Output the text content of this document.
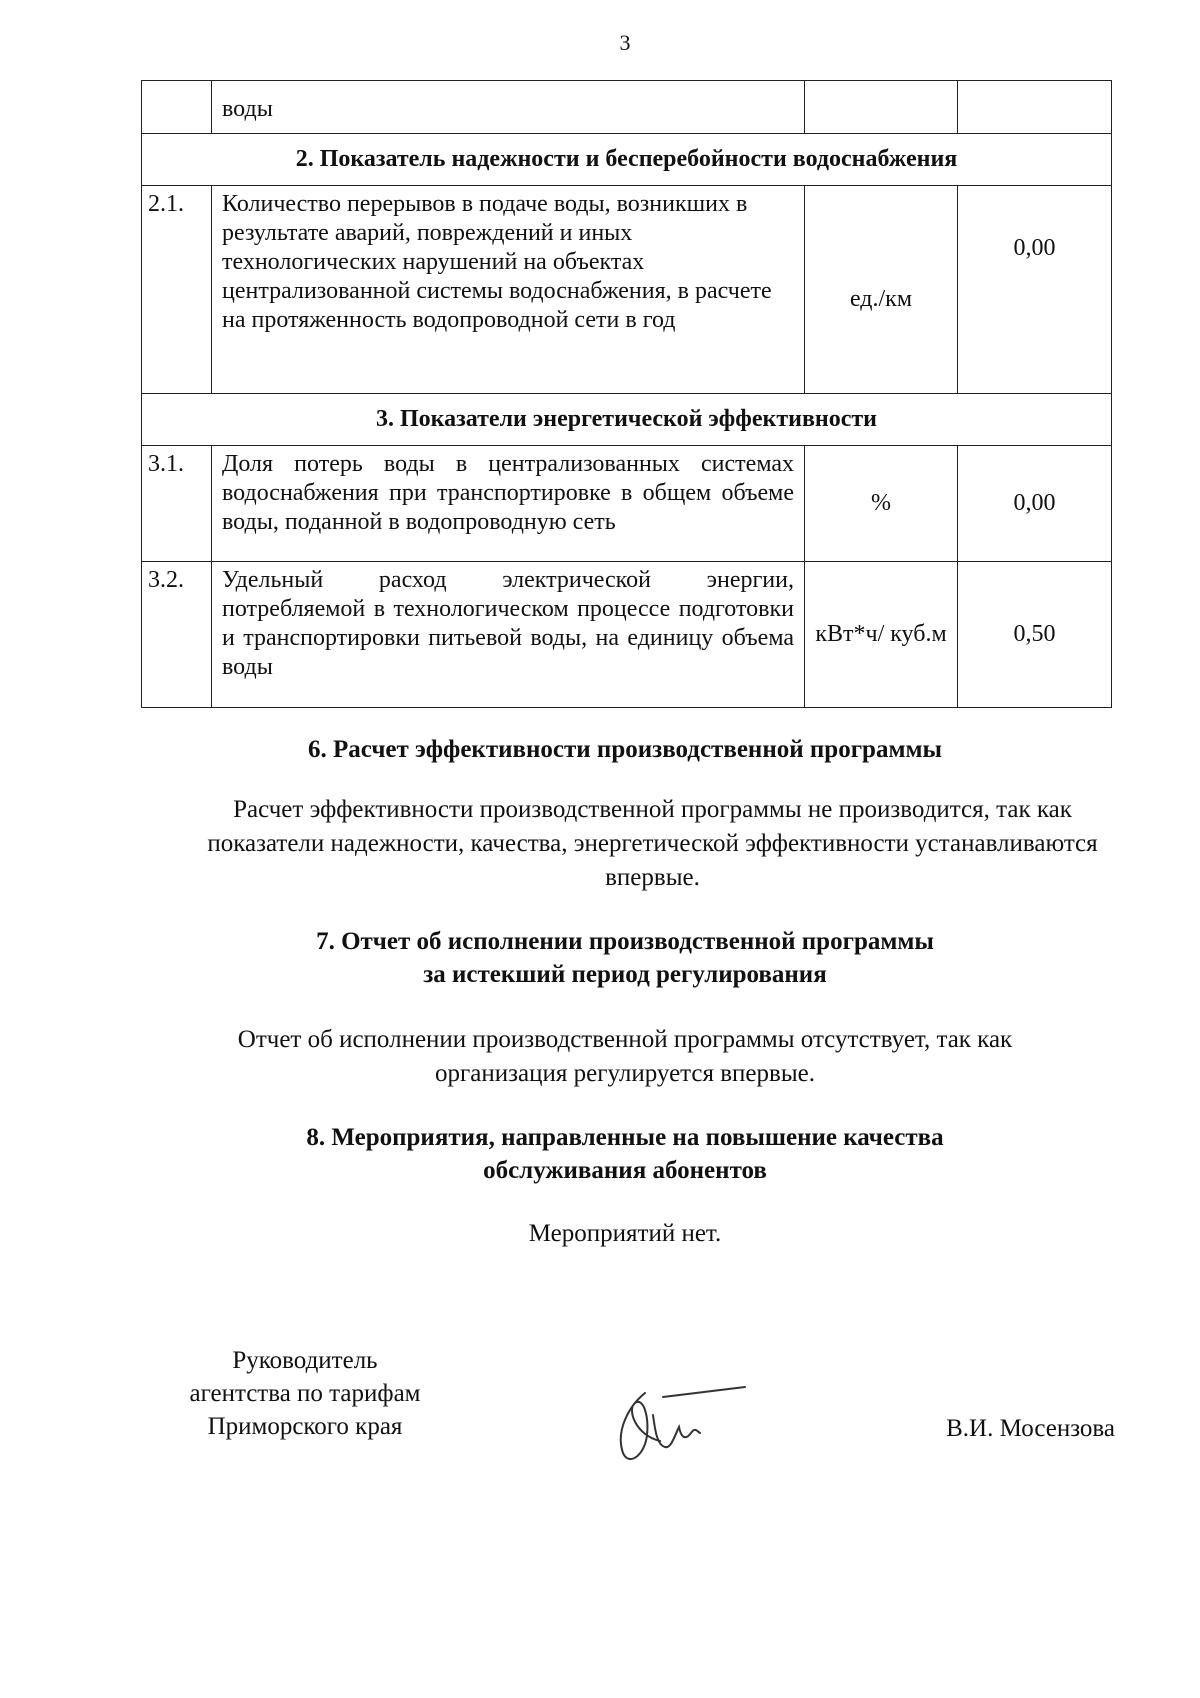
3
	воды		
2. Показатель надежности и бесперебойности водоснабжения			
2.1.	Количество перерывов в подаче воды, возникших в результате аварий, повреждений и иных технологических нарушений на объектах централизованной системы водоснабжения, в расчете на протяженность водопроводной сети в год	ед./км	0,00
3. Показатели энергетической эффективности			
3.1.	Доля потерь воды в централизованных системах водоснабжения при транспортировке в общем объеме воды, поданной в водопроводную сеть	%	0,00
3.2.	Удельный расход электрической энергии, потребляемой в технологическом процессе подготовки и транспортировки питьевой воды, на единицу объема воды	кВт*ч/ куб.м	0,50
6. Расчет эффективности производственной программы
Расчет эффективности производственной программы не производится, так как показатели надежности, качества, энергетической эффективности устанавливаются впервые.
7. Отчет об исполнении производственной программы
за истекший период регулирования
Отчет об исполнении производственной программы отсутствует, так как организация регулируется впервые.
8. Мероприятия, направленные на повышение качества
обслуживания абонентов
Мероприятий нет.
Руководитель
агентства по тарифам
Приморского края	В.И. Мосензова
